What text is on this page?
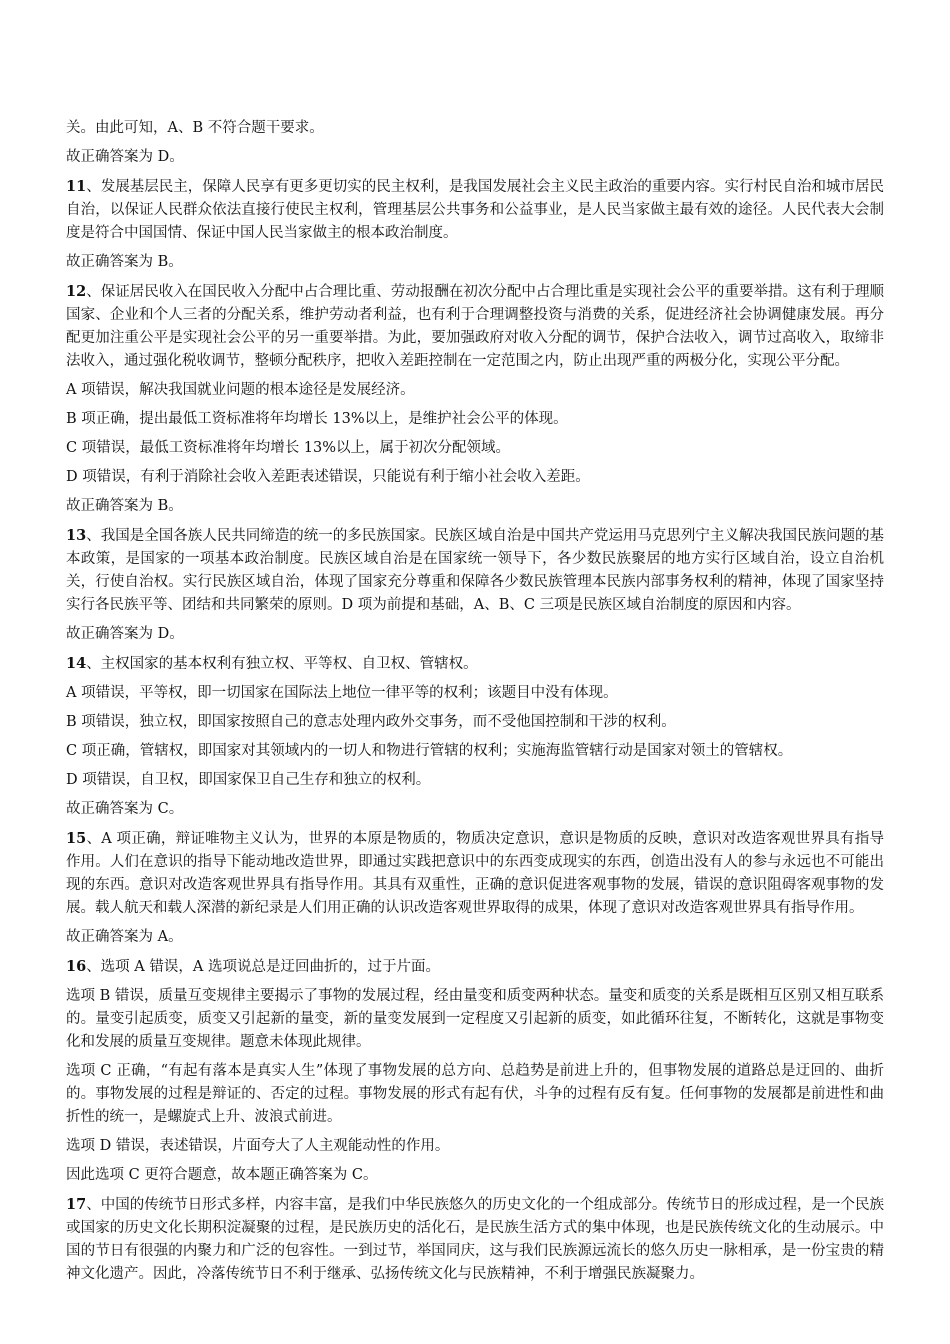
关。由此可知，A、B 不符合题干要求。

故正确答案为 D。

11、发展基层民主，保障人民享有更多更切实的民主权利，是我国发展社会主义民主政治的重要内容。实行村民自治和城市居民自治，以保证人民群众依法直接行使民主权利，管理基层公共事务和公益事业，是人民当家做主最有效的途径。人民代表大会制度是符合中国国情、保证中国人民当家做主的根本政治制度。

故正确答案为 B。

12、保证居民收入在国民收入分配中占合理比重、劳动报酬在初次分配中占合理比重是实现社会公平的重要举措。这有利于理顺国家、企业和个人三者的分配关系，维护劳动者利益，也有利于合理调整投资与消费的关系，促进经济社会协调健康发展。再分配更加注重公平是实现社会公平的另一重要举措。为此，要加强政府对收入分配的调节，保护合法收入，调节过高收入，取缔非法收入，通过强化税收调节，整顿分配秩序，把收入差距控制在一定范围之内，防止出现严重的两极分化，实现公平分配。

A 项错误，解决我国就业问题的根本途径是发展经济。

B 项正确，提出最低工资标准将年均增长 13%以上，是维护社会公平的体现。

C 项错误，最低工资标准将年均增长 13%以上，属于初次分配领域。

D 项错误，有利于消除社会收入差距表述错误，只能说有利于缩小社会收入差距。

故正确答案为 B。

13、我国是全国各族人民共同缔造的统一的多民族国家。民族区域自治是中国共产党运用马克思列宁主义解决我国民族问题的基本政策，是国家的一项基本政治制度。民族区域自治是在国家统一领导下，各少数民族聚居的地方实行区域自治，设立自治机关，行使自治权。实行民族区域自治，体现了国家充分尊重和保障各少数民族管理本民族内部事务权利的精神，体现了国家坚持实行各民族平等、团结和共同繁荣的原则。D 项为前提和基础，A、B、C 三项是民族区域自治制度的原因和内容。

故正确答案为 D。

14、主权国家的基本权利有独立权、平等权、自卫权、管辖权。

A 项错误，平等权，即一切国家在国际法上地位一律平等的权利；该题目中没有体现。

B 项错误，独立权，即国家按照自己的意志处理内政外交事务，而不受他国控制和干涉的权利。

C 项正确，管辖权，即国家对其领域内的一切人和物进行管辖的权利；实施海监管辖行动是国家对领土的管辖权。

D 项错误，自卫权，即国家保卫自己生存和独立的权利。

故正确答案为 C。

15、A 项正确，辩证唯物主义认为，世界的本原是物质的，物质决定意识，意识是物质的反映，意识对改造客观世界具有指导作用。人们在意识的指导下能动地改造世界，即通过实践把意识中的东西变成现实的东西，创造出没有人的参与永远也不可能出现的东西。意识对改造客观世界具有指导作用。其具有双重性，正确的意识促进客观事物的发展，错误的意识阻碍客观事物的发展。载人航天和载人深潜的新纪录是人们用正确的认识改造客观世界取得的成果，体现了意识对改造客观世界具有指导作用。

故正确答案为 A。

16、选项 A 错误，A 选项说总是迂回曲折的，过于片面。

选项 B 错误，质量互变规律主要揭示了事物的发展过程，经由量变和质变两种状态。量变和质变的关系是既相互区别又相互联系的。量变引起质变，质变又引起新的量变，新的量变发展到一定程度又引起新的质变，如此循环往复，不断转化，这就是事物变化和发展的质量互变规律。题意未体现此规律。

选项 C 正确，“有起有落本是真实人生”体现了事物发展的总方向、总趋势是前进上升的，但事物发展的道路总是迂回的、曲折的。事物发展的过程是辩证的、否定的过程。事物发展的形式有起有伏，斗争的过程有反有复。任何事物的发展都是前进性和曲折性的统一，是螺旋式上升、波浪式前进。

选项 D 错误，表述错误，片面夸大了人主观能动性的作用。

因此选项 C 更符合题意，故本题正确答案为 C。

17、中国的传统节日形式多样，内容丰富，是我们中华民族悠久的历史文化的一个组成部分。传统节日的形成过程，是一个民族或国家的历史文化长期积淀凝聚的过程，是民族历史的活化石，是民族生活方式的集中体现，也是民族传统文化的生动展示。中国的节日有很强的内聚力和广泛的包容性。一到过节，举国同庆，这与我们民族源远流长的悠久历史一脉相承，是一份宝贵的精神文化遗产。因此，冷落传统节日不利于继承、弘扬传统文化与民族精神，不利于增强民族凝聚力。
